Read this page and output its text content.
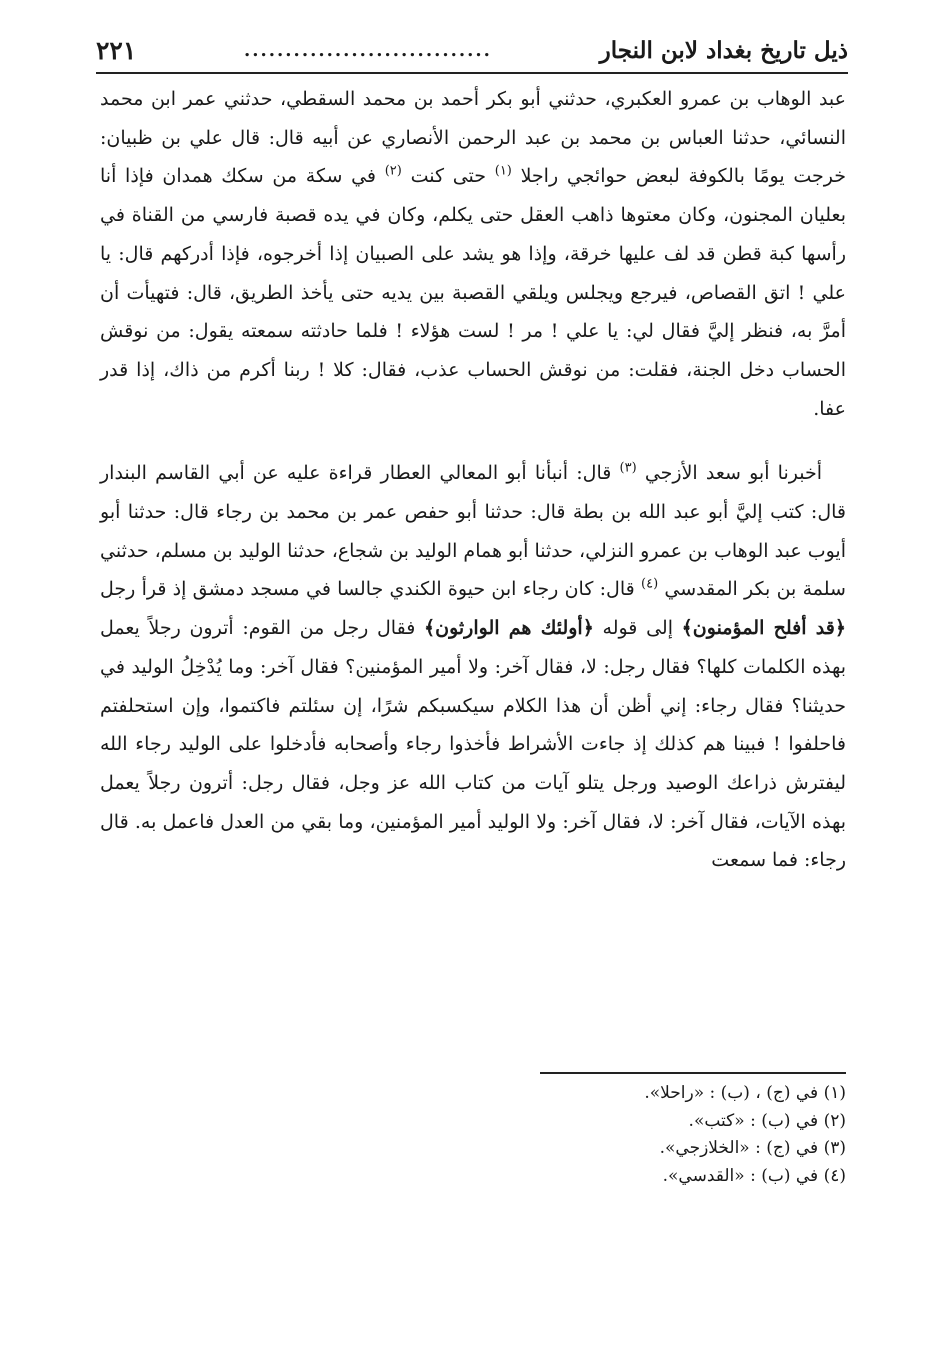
ذيل تاريخ بغداد لابن النجار
..............................
٢٢١

عبد الوهاب بن عمرو العكبري، حدثني أبو بكر أحمد بن محمد السقطي، حدثني عمر ابن محمد النسائي، حدثنا العباس بن محمد بن عبد الرحمن الأنصاري عن أبيه قال: قال علي بن ظبيان: خرجت يومًا بالكوفة لبعض حوائجي راجلا $^{(١)}$ حتى كنت $^{(٢)}$ في سكة من سكك همدان فإذا أنا بعليان المجنون، وكان معتوها ذاهب العقل حتى يكلم، وكان في يده قصبة فارسي من القناة في رأسها كبة قطن قد لف عليها خرقة، وإذا هو يشد على الصبيان إذا أخرجوه، فإذا أدركهم قال: يا علي ! اتق القصاص، فيرجع ويجلس ويلقي القصبة بين يديه حتى يأخذ الطريق، قال: فتهيأت أن أمرَّ به، فنظر إليَّ فقال لي: يا علي ! مر ! لست هؤلاء ! فلما حادثته سمعته يقول: من نوقش الحساب دخل الجنة، فقلت: من نوقش الحساب عذب، فقال: كلا ! ربنا أكرم من ذاك، إذا قدر عفا.

أخبرنا أبو سعد الأزجي $^{(٣)}$ قال: أنبأنا أبو المعالي العطار قراءة عليه عن أبي القاسم البندار قال: كتب إليَّ أبو عبد الله بن بطة قال: حدثنا أبو حفص عمر بن محمد بن رجاء قال: حدثنا أبو أيوب عبد الوهاب بن عمرو النزلي، حدثنا أبو همام الوليد بن شجاع، حدثنا الوليد بن مسلم، حدثني سلمة بن بكر المقدسي $^{(٤)}$ قال: كان رجاء ابن حيوة الكندي جالسا في مسجد دمشق إذ قرأ رجل ﴿قد أفلح المؤمنون﴾ إلى قوله ﴿أولئك هم الوارثون﴾ فقال رجل من القوم: أترون رجلاً يعمل بهذه الكلمات كلها؟ فقال رجل: لا، فقال آخر: ولا أمير المؤمنين؟ فقال آخر: وما يُدْخِلُ الوليد في حديثنا؟ فقال رجاء: إني أظن أن هذا الكلام سيكسبكم شرًا، إن سئلتم فاكتموا، وإن استحلفتم فاحلفوا ! فبينا هم كذلك إذ جاءت الأشراط فأخذوا رجاء وأصحابه فأدخلوا على الوليد رجاء الله ليفترش ذراعك الوصيد ورجل يتلو آيات من كتاب الله عز وجل، فقال رجل: أترون رجلاً يعمل بهذه الآيات، فقال آخر: لا، فقال آخر: ولا الوليد أمير المؤمنين، وما بقي من العدل فاعمل به. قال رجاء: فما سمعت

(١) في (ج) ، (ب) : «راحلا».

(٢) في (ب) : «كتب».

(٣) في (ج) : «الخلازجي».

(٤) في (ب) : «القدسي».
